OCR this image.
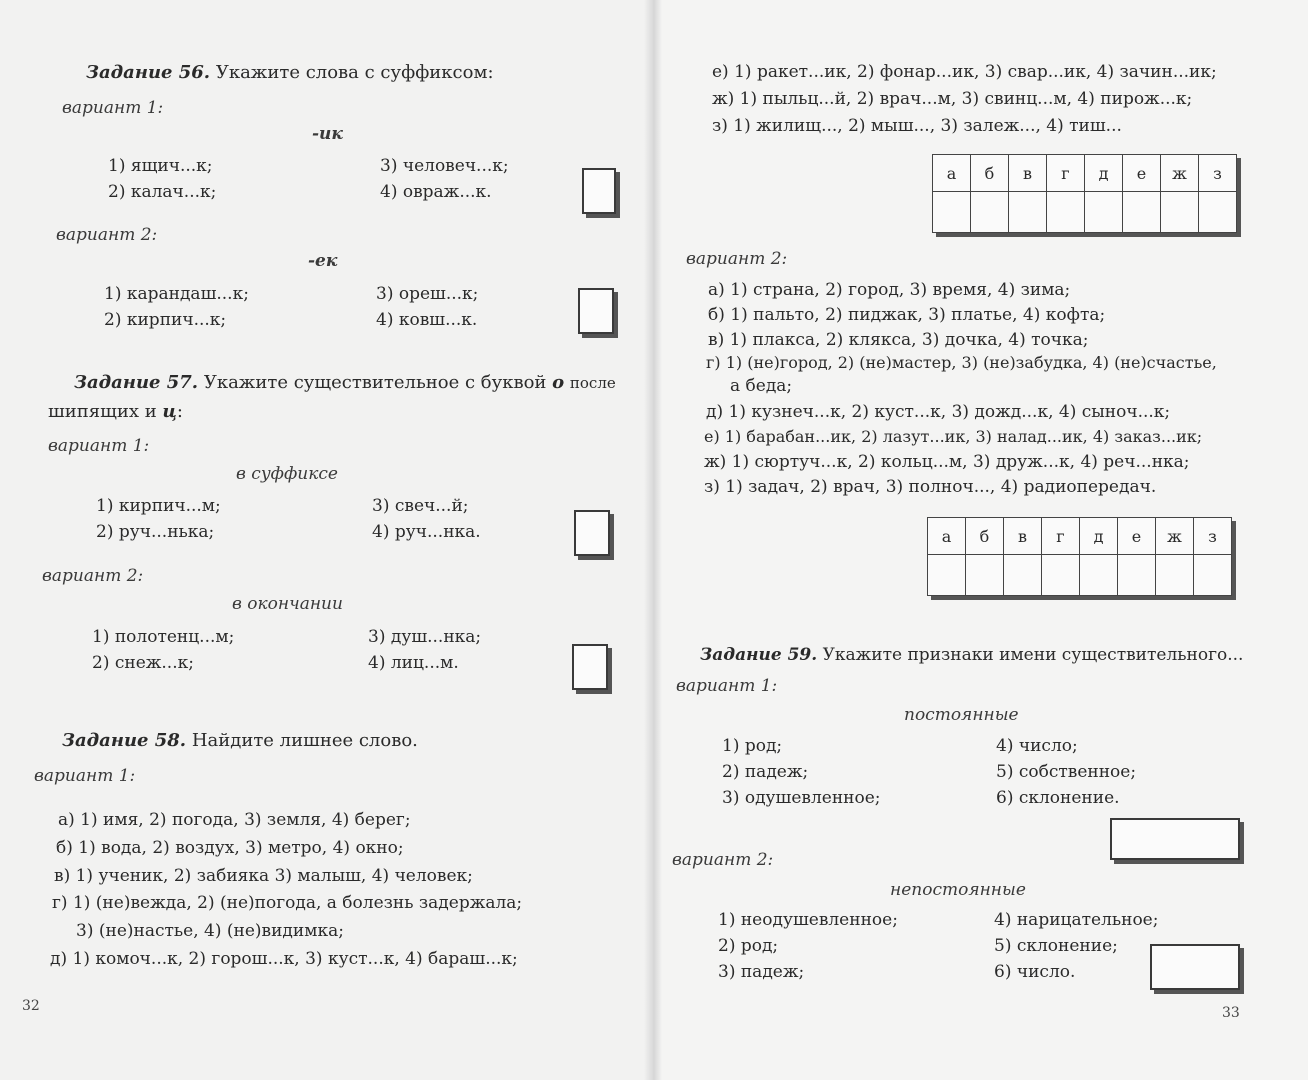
Задание 56. Укажите слова с суффиксом:
вариант 1:
-ик
1) ящич...к;
2) калач...к;
3) человеч...к;
4) овраж...к.
вариант 2:
-ек
1) карандаш...к;
2) кирпич...к;
3) ореш...к;
4) ковш...к.
Задание 57. Укажите существительное с буквой о после
шипящих и ц:
вариант 1:
в суффиксе
1) кирпич...м;
2) руч...нька;
3) свеч...й;
4) руч...нка.
вариант 2:
в окончании
1) полотенц...м;
2) снеж...к;
3) душ...нка;
4) лиц...м.
Задание 58. Найдите лишнее слово.
вариант 1:
а) 1) имя, 2) погода, 3) земля, 4) берег;
б) 1) вода, 2) воздух, 3) метро, 4) окно;
в) 1) ученик, 2) забияка 3) малыш, 4) человек;
г) 1) (не)вежда, 2) (не)погода, а болезнь задержала;
3) (не)настье, 4) (не)видимка;
д) 1) комоч...к, 2) горош...к, 3) куст...к, 4) бараш...к;
32
е) 1) ракет...ик, 2) фонар...ик, 3) свар...ик, 4) зачин...ик;
ж) 1) пыльц...й, 2) врач...м, 3) свинц...м, 4) пирож...к;
з) 1) жилищ..., 2) мыш..., 3) залеж..., 4) тиш...
а	б	в	г	д	е	ж	з

вариант 2:
а) 1) страна, 2) город, 3) время, 4) зима;
б) 1) пальто, 2) пиджак, 3) платье, 4) кофта;
в) 1) плакса, 2) клякса, 3) дочка, 4) точка;
г) 1) (не)город, 2) (не)мастер, 3) (не)забудка, 4) (не)счастье,
а беда;
д) 1) кузнеч...к, 2) куст...к, 3) дожд...к, 4) сыноч...к;
е) 1) барабан...ик, 2) лазут...ик, 3) налад...ик, 4) заказ...ик;
ж) 1) сюртуч...к, 2) кольц...м, 3) друж...к, 4) реч...нка;
з) 1) задач, 2) врач, 3) полноч..., 4) радиопередач.
а	б	в	г	д	е	ж	з

Задание 59. Укажите признаки имени существительного...
вариант 1:
постоянные
1) род;
2) падеж;
3) одушевленное;
4) число;
5) собственное;
6) склонение.
вариант 2:
непостоянные
1) неодушевленное;
2) род;
3) падеж;
4) нарицательное;
5) склонение;
6) число.
33
